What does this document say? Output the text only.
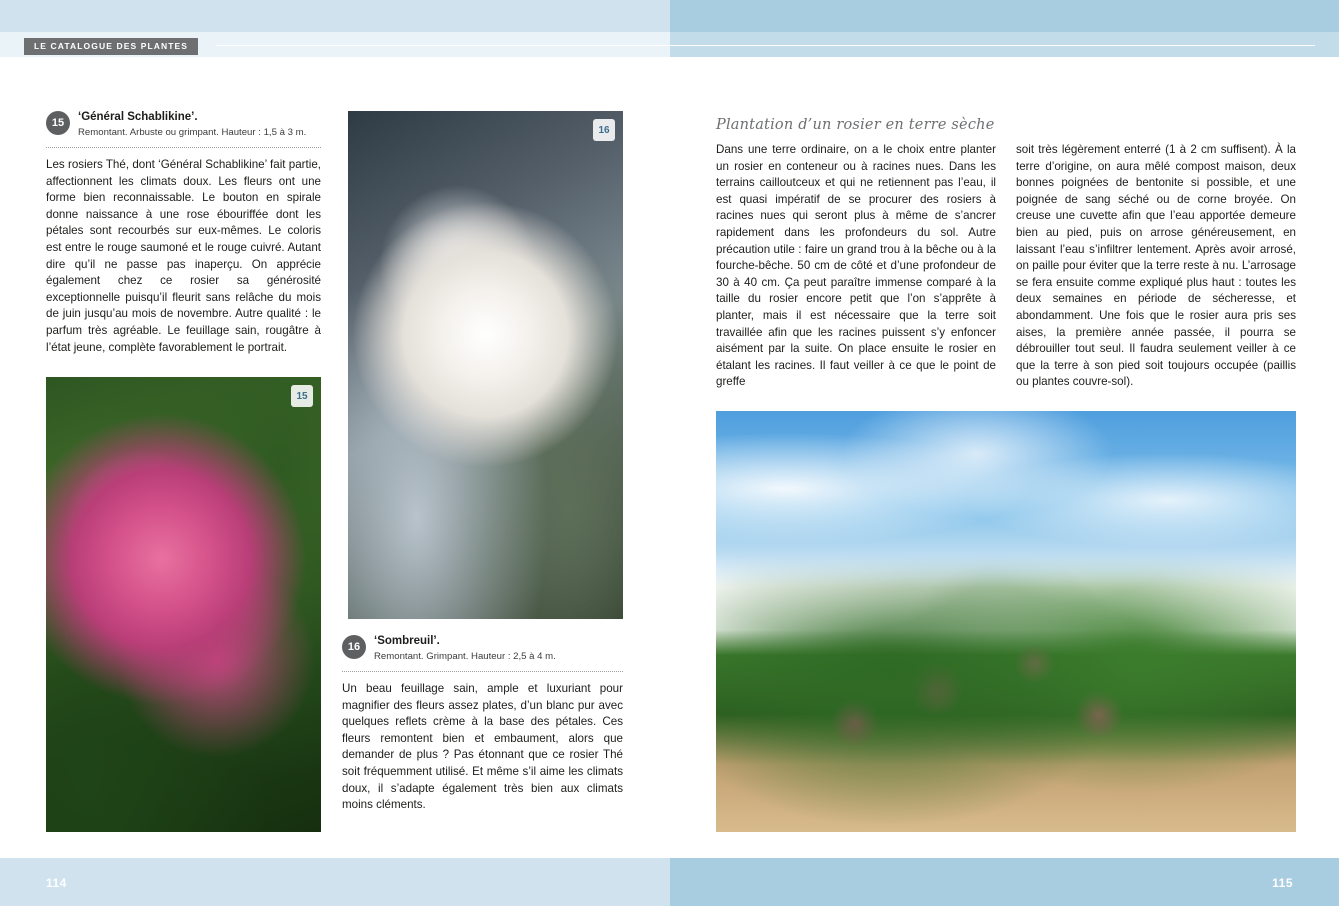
LE CATALOGUE DES PLANTES
15	‘Général Schablikine’.
Remontant. Arbuste ou grimpant. Hauteur : 1,5 à 3 m.

Les rosiers Thé, dont ‘Général Schablikine’ fait partie, affectionnent les climats doux. Les fleurs ont une forme bien reconnaissable. Le bouton en spirale donne naissance à une rose ébouriffée dont les pétales sont recourbés sur eux-mêmes. Le coloris est entre le rouge saumoné et le rouge cuivré. Autant dire qu’il ne passe pas inaperçu. On apprécie également chez ce rosier sa générosité exceptionnelle puisqu’il fleurit sans relâche du mois de juin jusqu’au mois de novembre. Autre qualité : le parfum très agréable. Le feuillage sain, rougâtre à l’état jeune, complète favorablement le portrait.

15
16
16	‘Sombreuil’.
Remontant. Grimpant. Hauteur : 2,5 à 4 m.

Un beau feuillage sain, ample et luxuriant pour magnifier des fleurs assez plates, d’un blanc pur avec quelques reflets crème à la base des pétales. Ces fleurs remontent bien et embaument, alors que demander de plus ? Pas étonnant que ce rosier Thé soit fréquemment utilisé. Et même s’il aime les climats doux, il s’adapte également très bien aux climats moins cléments.

Plantation d’un rosier en terre sèche

Dans une terre ordinaire, on a le choix entre planter un rosier en conteneur ou à racines nues. Dans les terrains cailloutceux et qui ne retiennent pas l’eau, il est quasi impératif de se procurer des rosiers à racines nues qui seront plus à même de s’ancrer rapidement dans les profondeurs du sol. Autre précaution utile : faire un grand trou à la bêche ou à la fourche-bêche. 50 cm de côté et d’une profondeur de 30 à 40 cm. Ça peut paraître immense comparé à la taille du rosier encore petit que l’on s’apprête à planter, mais il est nécessaire que la terre soit travaillée afin que les racines puissent s’y enfoncer aisément par la suite. On place ensuite le rosier en étalant les racines. Il faut veiller à ce que le point de greffe

soit très légèrement enterré (1 à 2 cm suffisent). À la terre d’origine, on aura mêlé compost maison, deux bonnes poignées de bentonite si possible, et une poignée de sang séché ou de corne broyée. On creuse une cuvette afin que l’eau apportée demeure bien au pied, puis on arrose généreusement, en laissant l’eau s’infiltrer lentement. Après avoir arrosé, on paille pour éviter que la terre reste à nu. L’arrosage se fera ensuite comme expliqué plus haut : toutes les deux semaines en période de sécheresse, et abondamment. Une fois que le rosier aura pris ses aises, la première année passée, il pourra se débrouiller tout seul. Il faudra seulement veiller à ce que la terre à son pied soit toujours occupée (paillis ou plantes couvre-sol).

114	115
